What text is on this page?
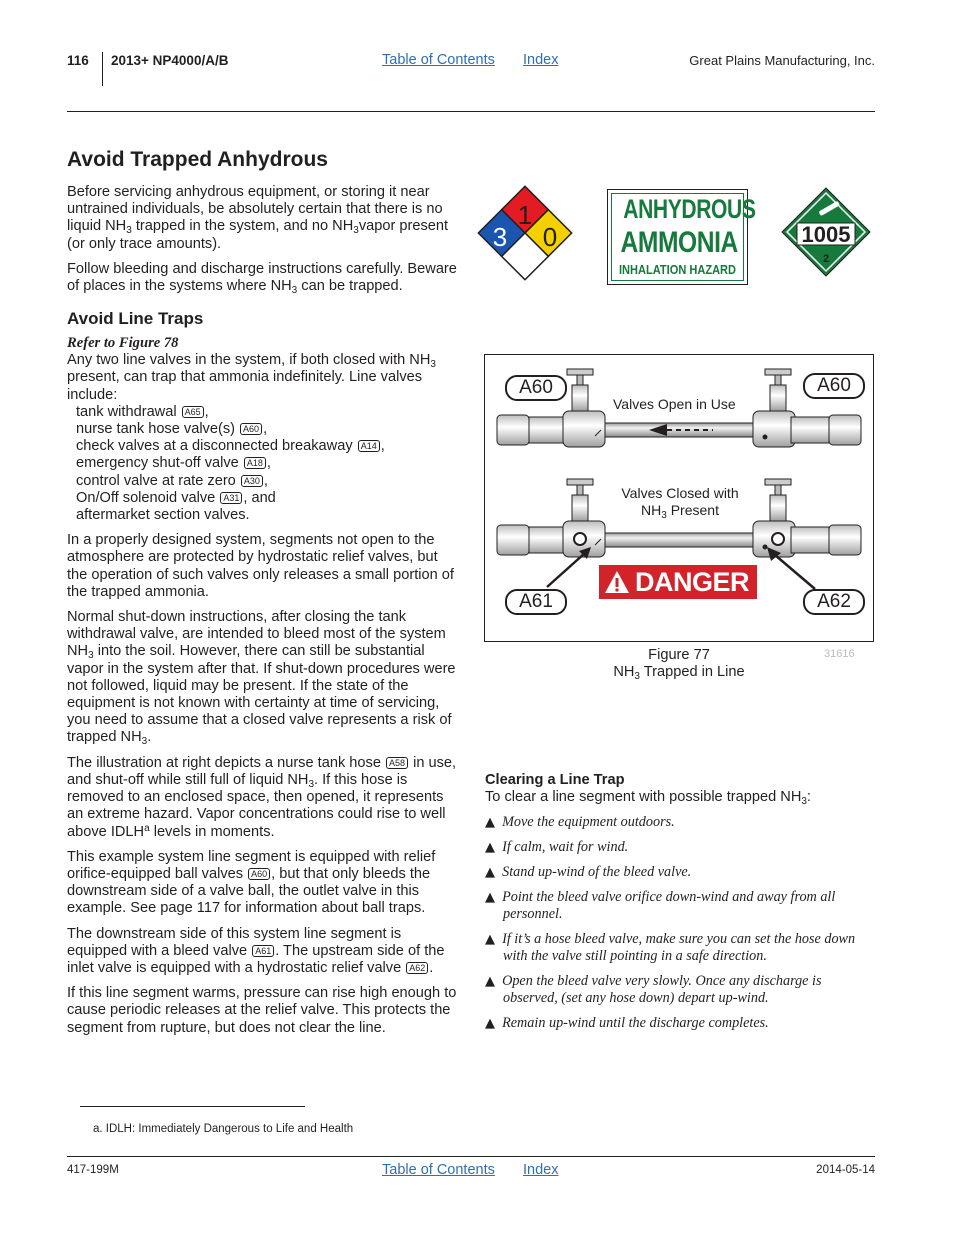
116 2013+ NP4000/A/B	Table of Contents Index	Great Plains Manufacturing, Inc.
Avoid Trapped Anhydrous

Before servicing anhydrous equipment, or storing it near untrained individuals, be absolutely certain that there is no liquid $NH_3$ trapped in the system, and no $NH_3vapor$ present (or only trace amounts).

Follow bleeding and discharge instructions carefully. Beware of places in the systems where $NH_3$ can be trapped.

Avoid Line Traps
Refer to Figure 78

Any two line valves in the system, if both closed with $NH_3$ present, can trap that ammonia indefinitely. Line valves include:

tank withdrawal A65 ,
nurse tank hose valve(s) A60 ,
check valves at a disconnected breakaway A14 ,
emergency shut-off valve A18 ,
control valve at rate zero A30 ,
On/Off solenoid valve A31 , and
aftermarket section valves.

In a properly designed system, segments not open to the atmosphere are protected by hydrostatic relief valves, but the operation of such valves only releases a small portion of the trapped ammonia.

Normal shut-down instructions, after closing the tank withdrawal valve, are intended to bleed most of the system $NH_3$ into the soil. However, there can still be substantial vapor in the system after that. If shut-down procedures were not followed, liquid may be present. If the state of the equipment is not known with certainty at time of servicing, you need to assume that a closed valve represents a risk of trapped $NH_3$.

The illustration at right depicts a nurse tank hose A58 in use, and shut-off while still full of liquid $NH_3$. If this hose is removed to an enclosed space, then opened, it represents an extreme hazard. Vapor concentrations could rise to well above IDLH$^a$ levels in moments.

This example system line segment is equipped with relief orifice-equipped ball valves A60 , but that only bleeds the downstream side of a valve ball, the outlet valve in this example. See page 117 for information about ball traps.

The downstream side of this system line segment is equipped with a bleed valve A61 . The upstream side of the inlet valve is equipped with a hydrostatic relief valve A62 .

If this line segment warms, pressure can rise high enough to cause periodic releases at the relief valve. This protects the segment from rupture, but does not clear the line.

a. IDLH: Immediately Dangerous to Life and Health
1
3 0
ANHYDROUS
AMMONIA
INHALATION HAZARD
1005
2
A60	A60
Valves Open in Use
Valves Closed with
$NH_3$ Present
DANGER
A61	A62
Figure 77
$NH_3$ Trapped in Line
31616
Clearing a Line Trap
To clear a line segment with possible trapped $NH_3$:
▲ Move the equipment outdoors.
▲ If calm, wait for wind.
▲ Stand up-wind of the bleed valve.
▲ Point the bleed valve orifice down-wind and away from all personnel.
▲ If it’s a hose bleed valve, make sure you can set the hose down with the valve still pointing in a safe direction.
▲ Open the bleed valve very slowly. Once any discharge is observed, (set any hose down) depart up-wind.
▲ Remain up-wind until the discharge completes.
417-199M	Table of Contents Index	2014-05-14
